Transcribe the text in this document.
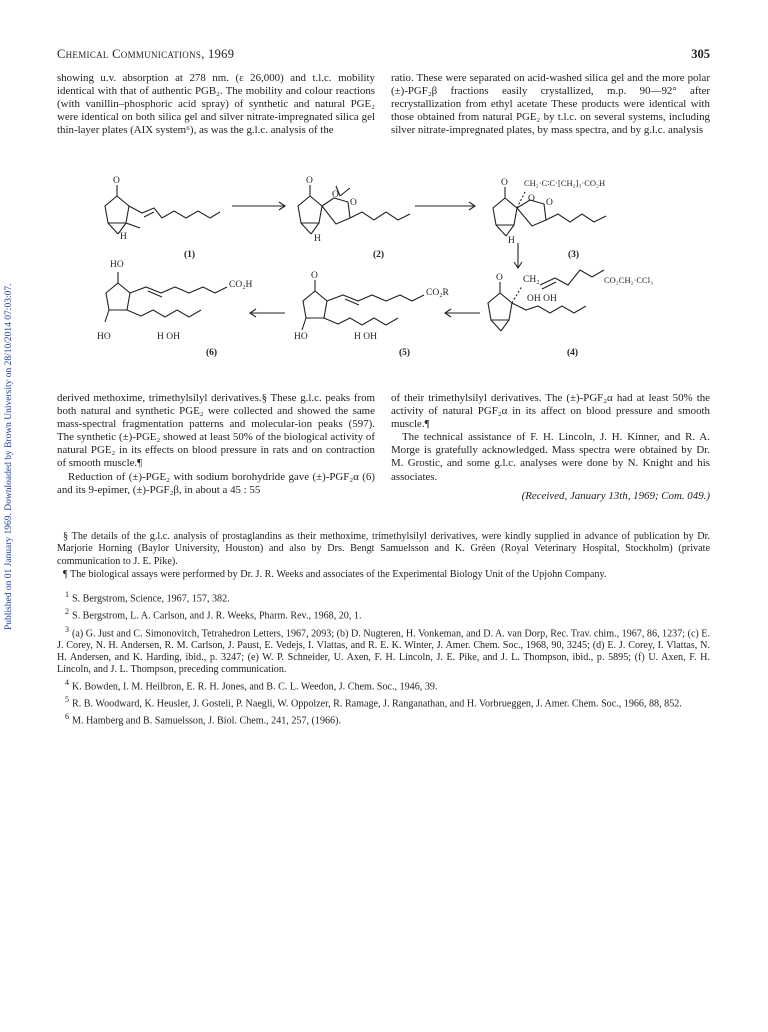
Chemical Communications, 1969	305
Published on 01 January 1969. Downloaded by Brown University on 28/10/2014 07:03:07.

showing u.v. absorption at 278 nm. (ε 26,000) and t.l.c. mobility identical with that of authentic PGB₂. The mobility and colour reactions (with vanillin–phosphoric acid spray) of synthetic and natural PGE₂ were identical on both silica gel and silver nitrate-impregnated silica gel thin-layer plates (AIX system⁶), as was the g.l.c. analysis of the

ratio. These were separated on acid-washed silica gel and the more polar (±)-PGF₂β fractions easily crystallized, m.p. 90—92° after recrystallization from ethyl acetate These products were identical with those obtained from natural PGE₂ by t.l.c. on several systems, including silver nitrate-impregnated plates, by mass spectra, and by g.l.c. analysis

O
H
O
O
O
H
O CH₂·C∶C·[CH₂]₃·CO₂H
O O
H
O CH₂	CO₂CH₂·CCl₃
OH OH
O
CO₂R
HO	H OH
HO
CO₂H
HO	H OH
(1)	(2)	(3)
(4)
(5)
(6)

derived methoxime, trimethylsilyl derivatives.§ These g.l.c. peaks from both natural and synthetic PGE₂ were collected and showed the same mass-spectral fragmentation patterns and molecular-ion peaks (597). The synthetic (±)-PGE₂ showed at least 50% of the biological activity of natural PGE₂ in its effects on blood pressure in rats and on contraction of smooth muscle.¶

Reduction of (±)-PGE₂ with sodium borohydride gave (±)-PGF₂α (6) and its 9-epimer, (±)-PGF₂β, in about a 45 : 55

of their trimethylsilyl derivatives. The (±)-PGF₂α had at least 50% the activity of natural PGF₂α in its affect on blood pressure and smooth muscle.¶

The technical assistance of F. H. Lincoln, J. H. Kinner, and R. A. Morge is gratefully acknowledged. Mass spectra were obtained by Dr. M. Grostic, and some g.l.c. analyses were done by N. Knight and his associates.

(Received, January 13th, 1969; Com. 049.)

§ The details of the g.l.c. analysis of prostaglandins as their methoxime, trimethylsilyl derivatives, were kindly supplied in advance of publication by Dr. Marjorie Horning (Baylor University, Houston) and also by Drs. Bengt Samuelsson and K. Gréen (Royal Veterinary Hospital, Stockholm) (private communication to J. E. Pike).

¶ The biological assays were performed by Dr. J. R. Weeks and associates of the Experimental Biology Unit of the Upjohn Company.

$^1$ S. Bergstrom, Science, 1967, 157, 382.

$^2$ S. Bergstrom, L. A. Carlson, and J. R. Weeks, Pharm. Rev., 1968, 20, 1.

$^3$ (a) G. Just and C. Simonovitch, Tetrahedron Letters, 1967, 2093; (b) D. Nugteren, H. Vonkeman, and D. A. van Dorp, Rec. Trav. chim., 1967, 86, 1237; (c) E. J. Corey, N. H. Andersen, R. M. Carlson, J. Paust, E. Vedejs, I. Vlattas, and R. E. K. Winter, J. Amer. Chem. Soc., 1968, 90, 3245; (d) E. J. Corey, I. Vlattas, N. H. Andersen, and K. Harding, ibid., p. 3247; (e) W. P. Schneider, U. Axen, F. H. Lincoln, J. E. Pike, and J. L. Thompson, ibid., p. 5895; (f) U. Axen, F. H. Lincoln, and J. L. Thompson, preceding communication.

$^4$ K. Bowden, I. M. Heilbron, E. R. H. Jones, and B. C. L. Weedon, J. Chem. Soc., 1946, 39.

$^5$ R. B. Woodward, K. Heusler, J. Gosteli, P. Naegli, W. Oppolzer, R. Ramage, J. Ranganathan, and H. Vorbrueggen, J. Amer. Chem. Soc., 1966, 88, 852.

$^6$ M. Hamberg and B. Samuelsson, J. Biol. Chem., 241, 257, (1966).
